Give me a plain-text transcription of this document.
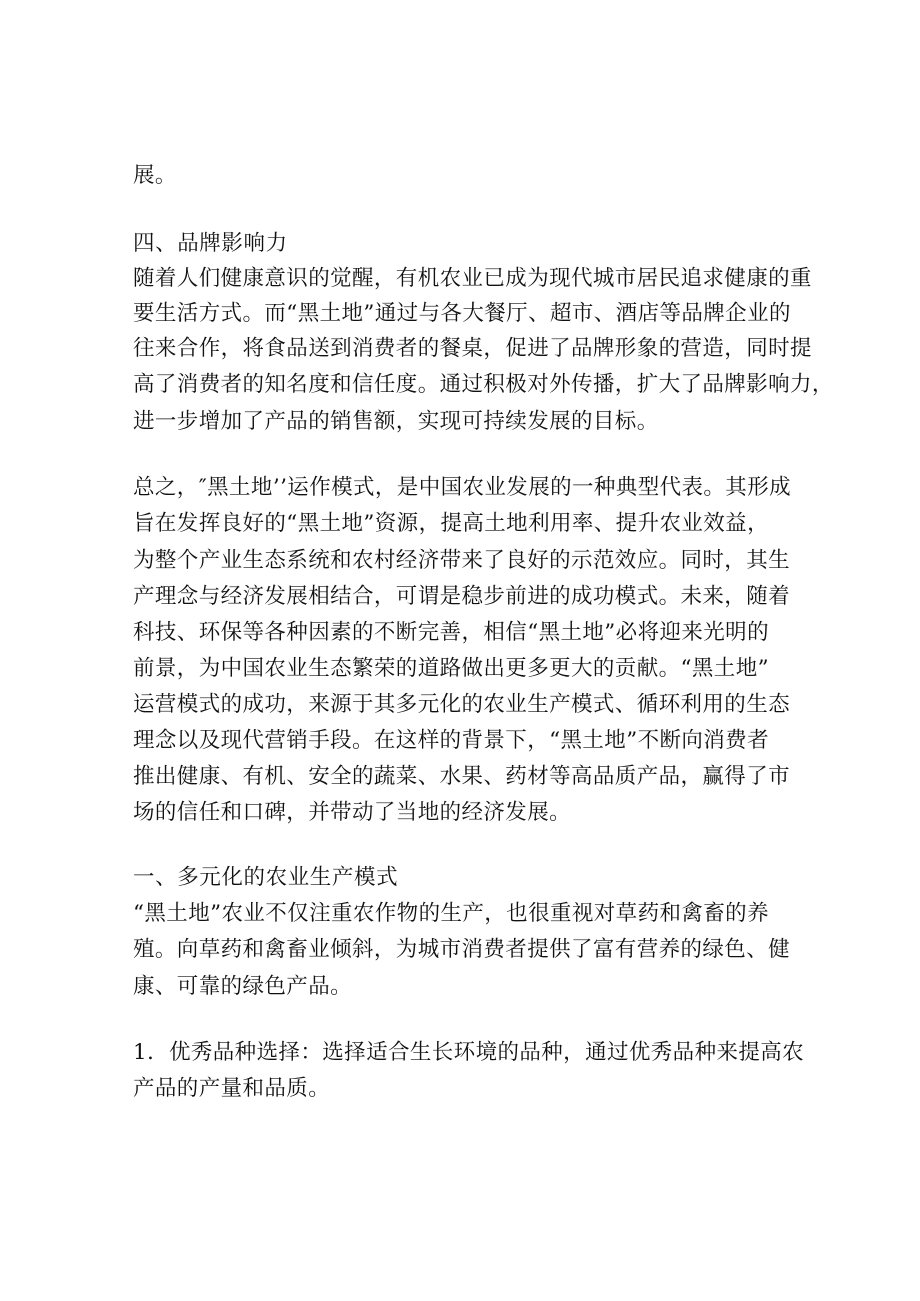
展。
四、品牌影响力
随着人们健康意识的觉醒，有机农业已成为现代城市居民追求健康的重
要生活方式。而“黑土地”通过与各大餐厅、超市、酒店等品牌企业的
往来合作，将食品送到消费者的餐桌，促进了品牌形象的营造，同时提
高了消费者的知名度和信任度。通过积极对外传播，扩大了品牌影响力，
进一步增加了产品的销售额，实现可持续发展的目标。
总之，″黑土地’’运作模式，是中国农业发展的一种典型代表。其形成
旨在发挥良好的“黑土地”资源，提高土地利用率、提升农业效益，
为整个产业生态系统和农村经济带来了良好的示范效应。同时，其生
产理念与经济发展相结合，可谓是稳步前进的成功模式。未来，随着
科技、环保等各种因素的不断完善，相信“黑土地”必将迎来光明的
前景，为中国农业生态繁荣的道路做出更多更大的贡献。“黑土地”
运营模式的成功，来源于其多元化的农业生产模式、循环利用的生态
理念以及现代营销手段。在这样的背景下，“黑土地”不断向消费者
推出健康、有机、安全的蔬菜、水果、药材等高品质产品，赢得了市
场的信任和口碑，并带动了当地的经济发展。
一、多元化的农业生产模式
“黑土地”农业不仅注重农作物的生产，也很重视对草药和禽畜的养
殖。向草药和禽畜业倾斜，为城市消费者提供了富有营养的绿色、健
康、可靠的绿色产品。
1．优秀品种选择：选择适合生长环境的品种，通过优秀品种来提高农
产品的产量和品质。
